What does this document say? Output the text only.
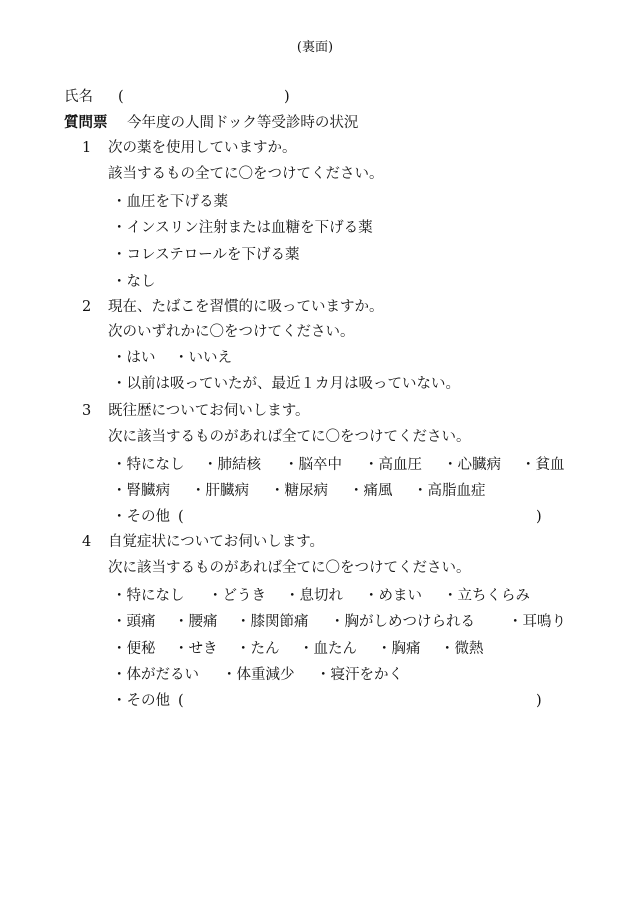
(裏面)
氏名 (	)
質問票 今年度の人間ドック等受診時の状況
1 次の薬を使用していますか。
該当するもの全てに〇をつけてください。
・血圧を下げる薬
・インスリン注射または血糖を下げる薬
・コレステロールを下げる薬
・なし
2 現在、たばこを習慣的に吸っていますか。
次のいずれかに〇をつけてください。
・はい ・いいえ
・以前は吸っていたが、最近１カ月は吸っていない。
3 既往歴についてお伺いします。
次に該当するものがあれば全てに〇をつけてください。
・特になし ・肺結核 ・脳卒中 ・高血圧 ・心臓病 ・貧血
・腎臓病 ・肝臓病 ・糖尿病 ・痛風 ・高脂血症
・その他 (	)
4 自覚症状についてお伺いします。
次に該当するものがあれば全てに〇をつけてください。
・特になし ・どうき ・息切れ ・めまい ・立ちくらみ
・頭痛 ・腰痛 ・膝関節痛 ・胸がしめつけられる ・耳鳴り
・便秘 ・せき ・たん ・血たん ・胸痛 ・微熱
・体がだるい ・体重減少 ・寝汗をかく
・その他 (	)
